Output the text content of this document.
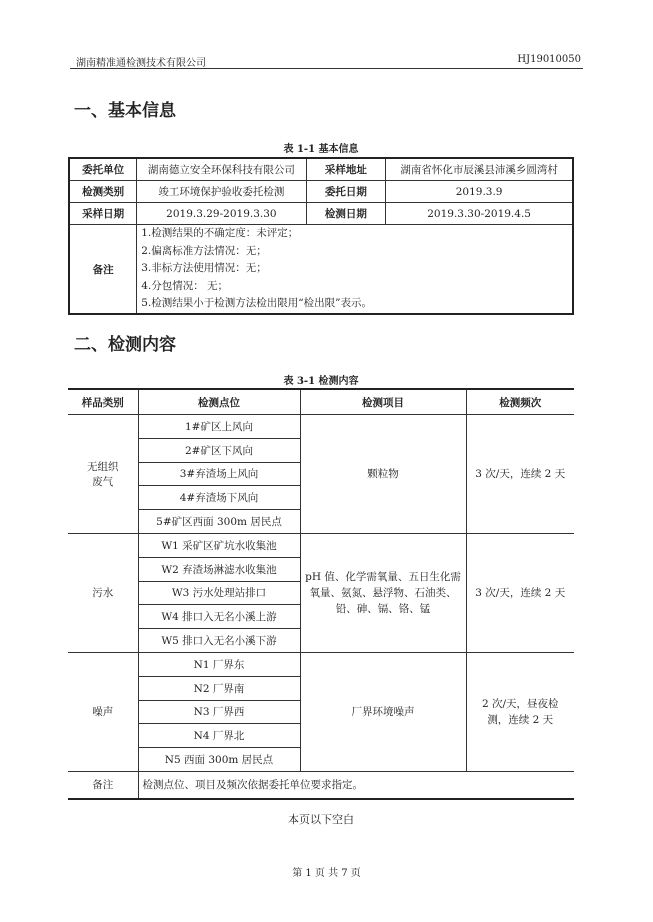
湖南精准通检测技术有限公司	HJ19010050
一、基本信息
表 1-1 基本信息
委托单位	湖南德立安全环保科技有限公司	采样地址	湖南省怀化市辰溪县沛溪乡圆湾村
检测类别	竣工环境保护验收委托检测	委托日期	2019.3.9
采样日期	2019.3.29-2019.3.30	检测日期	2019.3.30-2019.4.5
备注	1.检测结果的不确定度：未评定；
2.偏离标准方法情况：无；
3.非标方法使用情况：无；
4.分包情况： 无；
5.检测结果小于检测方法检出限用“检出限”表示。		
二、检测内容
表 3-1 检测内容
样品类别	检测点位	检测项目	检测频次
无组织废气	1#矿区上风向	颗粒物	3 次/天，连续 2 天
	2#矿区下风向		
	3#弃渣场上风向		
	4#弃渣场下风向		
	5#矿区西面 300m 居民点		
污水	W1 采矿区矿坑水收集池	pH 值、化学需氧量、五日生化需氧量、氨氮、悬浮物、石油类、铅、砷、镉、铬、锰	3 次/天，连续 2 天
	W2 弃渣场淋滤水收集池		
	W3 污水处理站排口		
	W4 排口入无名小溪上游		
	W5 排口入无名小溪下游		
噪声	N1 厂界东	厂界环境噪声	2 次/天，昼夜检测，连续 2 天
	N2 厂界南		
	N3 厂界西		
	N4 厂界北		
	N5 西面 300m 居民点		
备注	检测点位、项目及频次依据委托单位要求指定。		
本页以下空白
第 1 页 共 7 页
